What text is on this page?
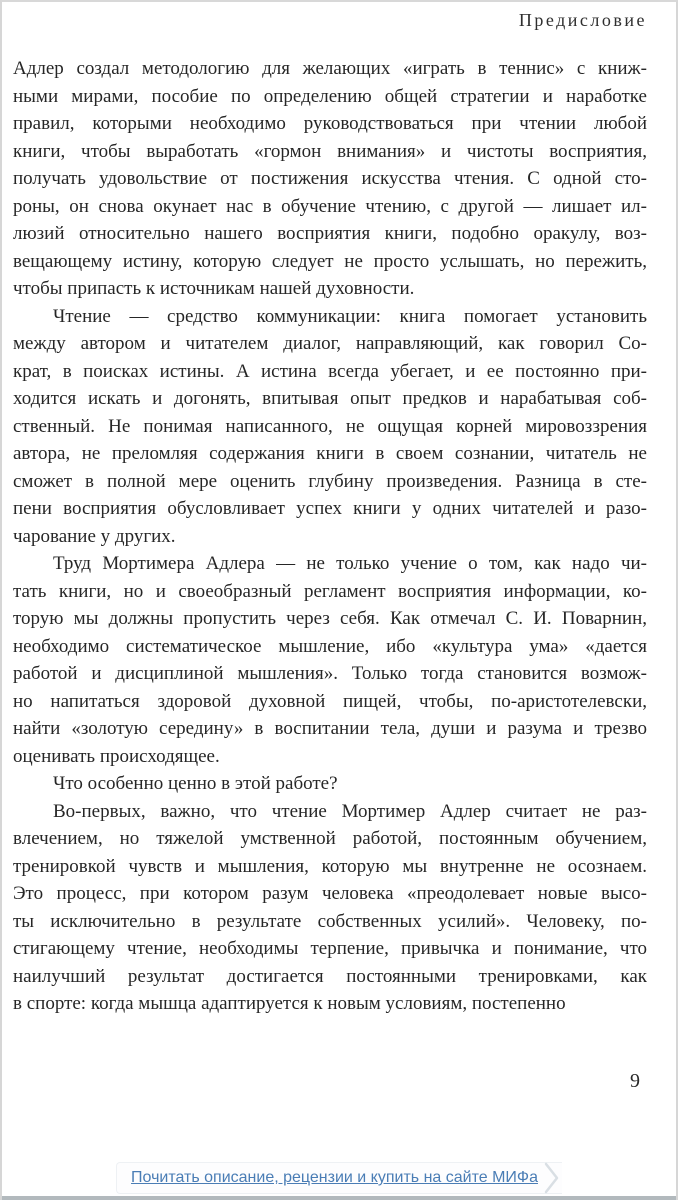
Предисловие
Адлер создал методологию для желающих «играть в теннис» с книж-
ными мирами, пособие по определению общей стратегии и наработке
правил, которыми необходимо руководствоваться при чтении любой
книги, чтобы выработать «гормон внимания» и чистоты восприятия,
получать удовольствие от постижения искусства чтения. С одной сто-
роны, он снова окунает нас в обучение чтению, с другой — лишает ил-
люзий относительно нашего восприятия книги, подобно оракулу, воз-
вещающему истину, которую следует не просто услышать, но пережить,
чтобы припасть к источникам нашей духовности.
Чтение — средство коммуникации: книга помогает установить
между автором и читателем диалог, направляющий, как говорил Со-
крат, в поисках истины. А истина всегда убегает, и ее постоянно при-
ходится искать и догонять, впитывая опыт предков и нарабатывая соб-
ственный. Не понимая написанного, не ощущая корней мировоззрения
автора, не преломляя содержания книги в своем сознании, читатель не
сможет в полной мере оценить глубину произведения. Разница в сте-
пени восприятия обусловливает успех книги у одних читателей и разо-
чарование у других.
Труд Мортимера Адлера — не только учение о том, как надо чи-
тать книги, но и своеобразный регламент восприятия информации, ко-
торую мы должны пропустить через себя. Как отмечал С. И. Поварнин,
необходимо систематическое мышление, ибо «культура ума» «дается
работой и дисциплиной мышления». Только тогда становится возмож-
но напитаться здоровой духовной пищей, чтобы, по-аристотелевски,
найти «золотую середину» в воспитании тела, души и разума и трезво
оценивать происходящее.
Что особенно ценно в этой работе?
Во-первых, важно, что чтение Мортимер Адлер считает не раз-
влечением, но тяжелой умственной работой, постоянным обучением,
тренировкой чувств и мышления, которую мы внутренне не осознаем.
Это процесс, при котором разум человека «преодолевает новые высо-
ты исключительно в результате собственных усилий». Человеку, по-
стигающему чтение, необходимы терпение, привычка и понимание, что
наилучший результат достигается постоянными тренировками, как
в спорте: когда мышца адаптируется к новым условиям, постепенно
9
Почитать описание, рецензии и купить на сайте МИФа
